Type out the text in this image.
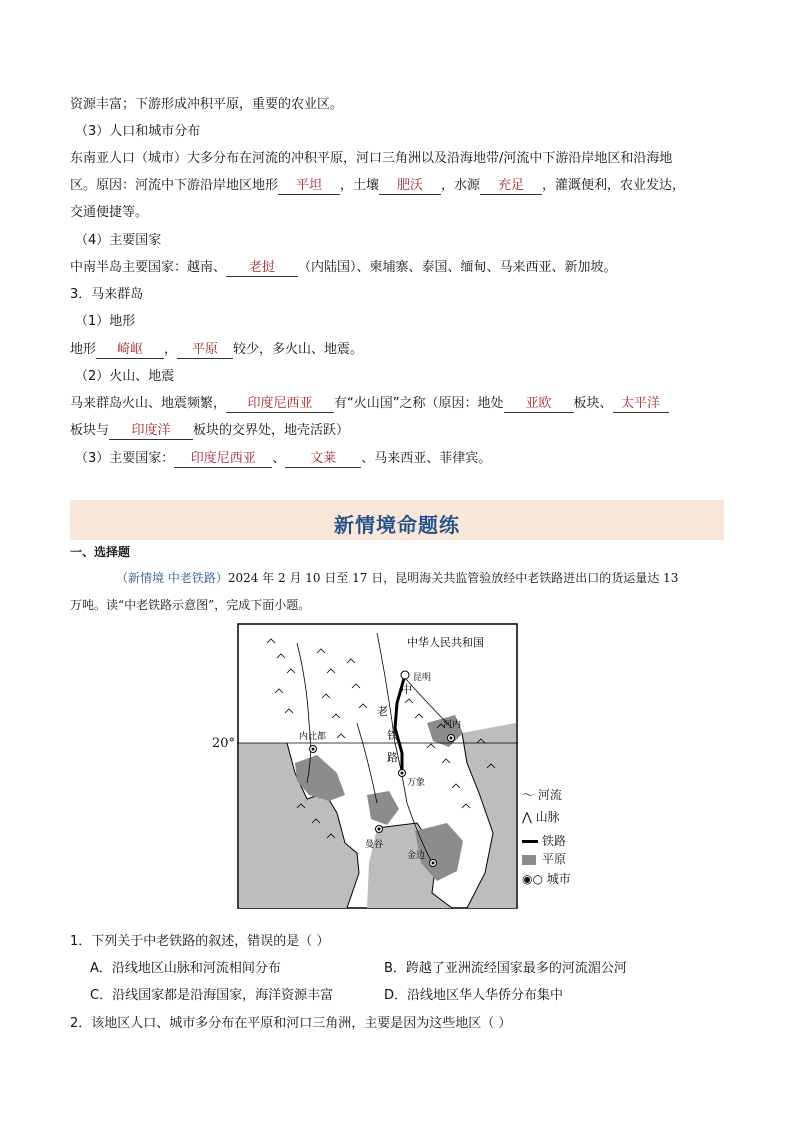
资源丰富；下游形成冲积平原，重要的农业区。
（3）人口和城市分布
东南亚人口（城市）大多分布在河流的冲积平原，河口三角洲以及沿海地带/河流中下游沿岸地区和沿海地
区。原因：河流中下游沿岸地区地形 平坦 ，土壤 肥沃 ，水源 充足 ，灌溉便利，农业发达，
交通便捷等。
（4）主要国家
中南半岛主要国家：越南、 老挝 （内陆国）、柬埔寨、泰国、缅甸、马来西亚、新加坡。
3．马来群岛
（1）地形
地形 崎岖 ， 平原 较少，多火山、地震。
（2）火山、地震
马来群岛火山、地震频繁， 印度尼西亚 有“火山国”之称（原因：地处 亚欧 板块、 太平洋
板块与 印度洋 板块的交界处，地壳活跃）
（3）主要国家： 印度尼西亚 、 文莱 、马来西亚、菲律宾。
新情境命题练
一、选择题
（新情境 中老铁路）2024 年 2 月 10 日至 17 日，昆明海关共监管验放经中老铁路进出口的货运量达 13
万吨。读“中老铁路示意图”，完成下面小题。
20°
中
老
铁
路
中华人民共和国
昆明
河内
内比都
万象
曼谷
金边
〜 河流
⋀ 山脉
铁路
平原
◉○ 城市
1．下列关于中老铁路的叙述，错误的是（ ）
A．沿线地区山脉和河流相间分布	B．跨越了亚洲流经国家最多的河流湄公河
C．沿线国家都是沿海国家，海洋资源丰富	D．沿线地区华人华侨分布集中
2．该地区人口、城市多分布在平原和河口三角洲，主要是因为这些地区（ ）
